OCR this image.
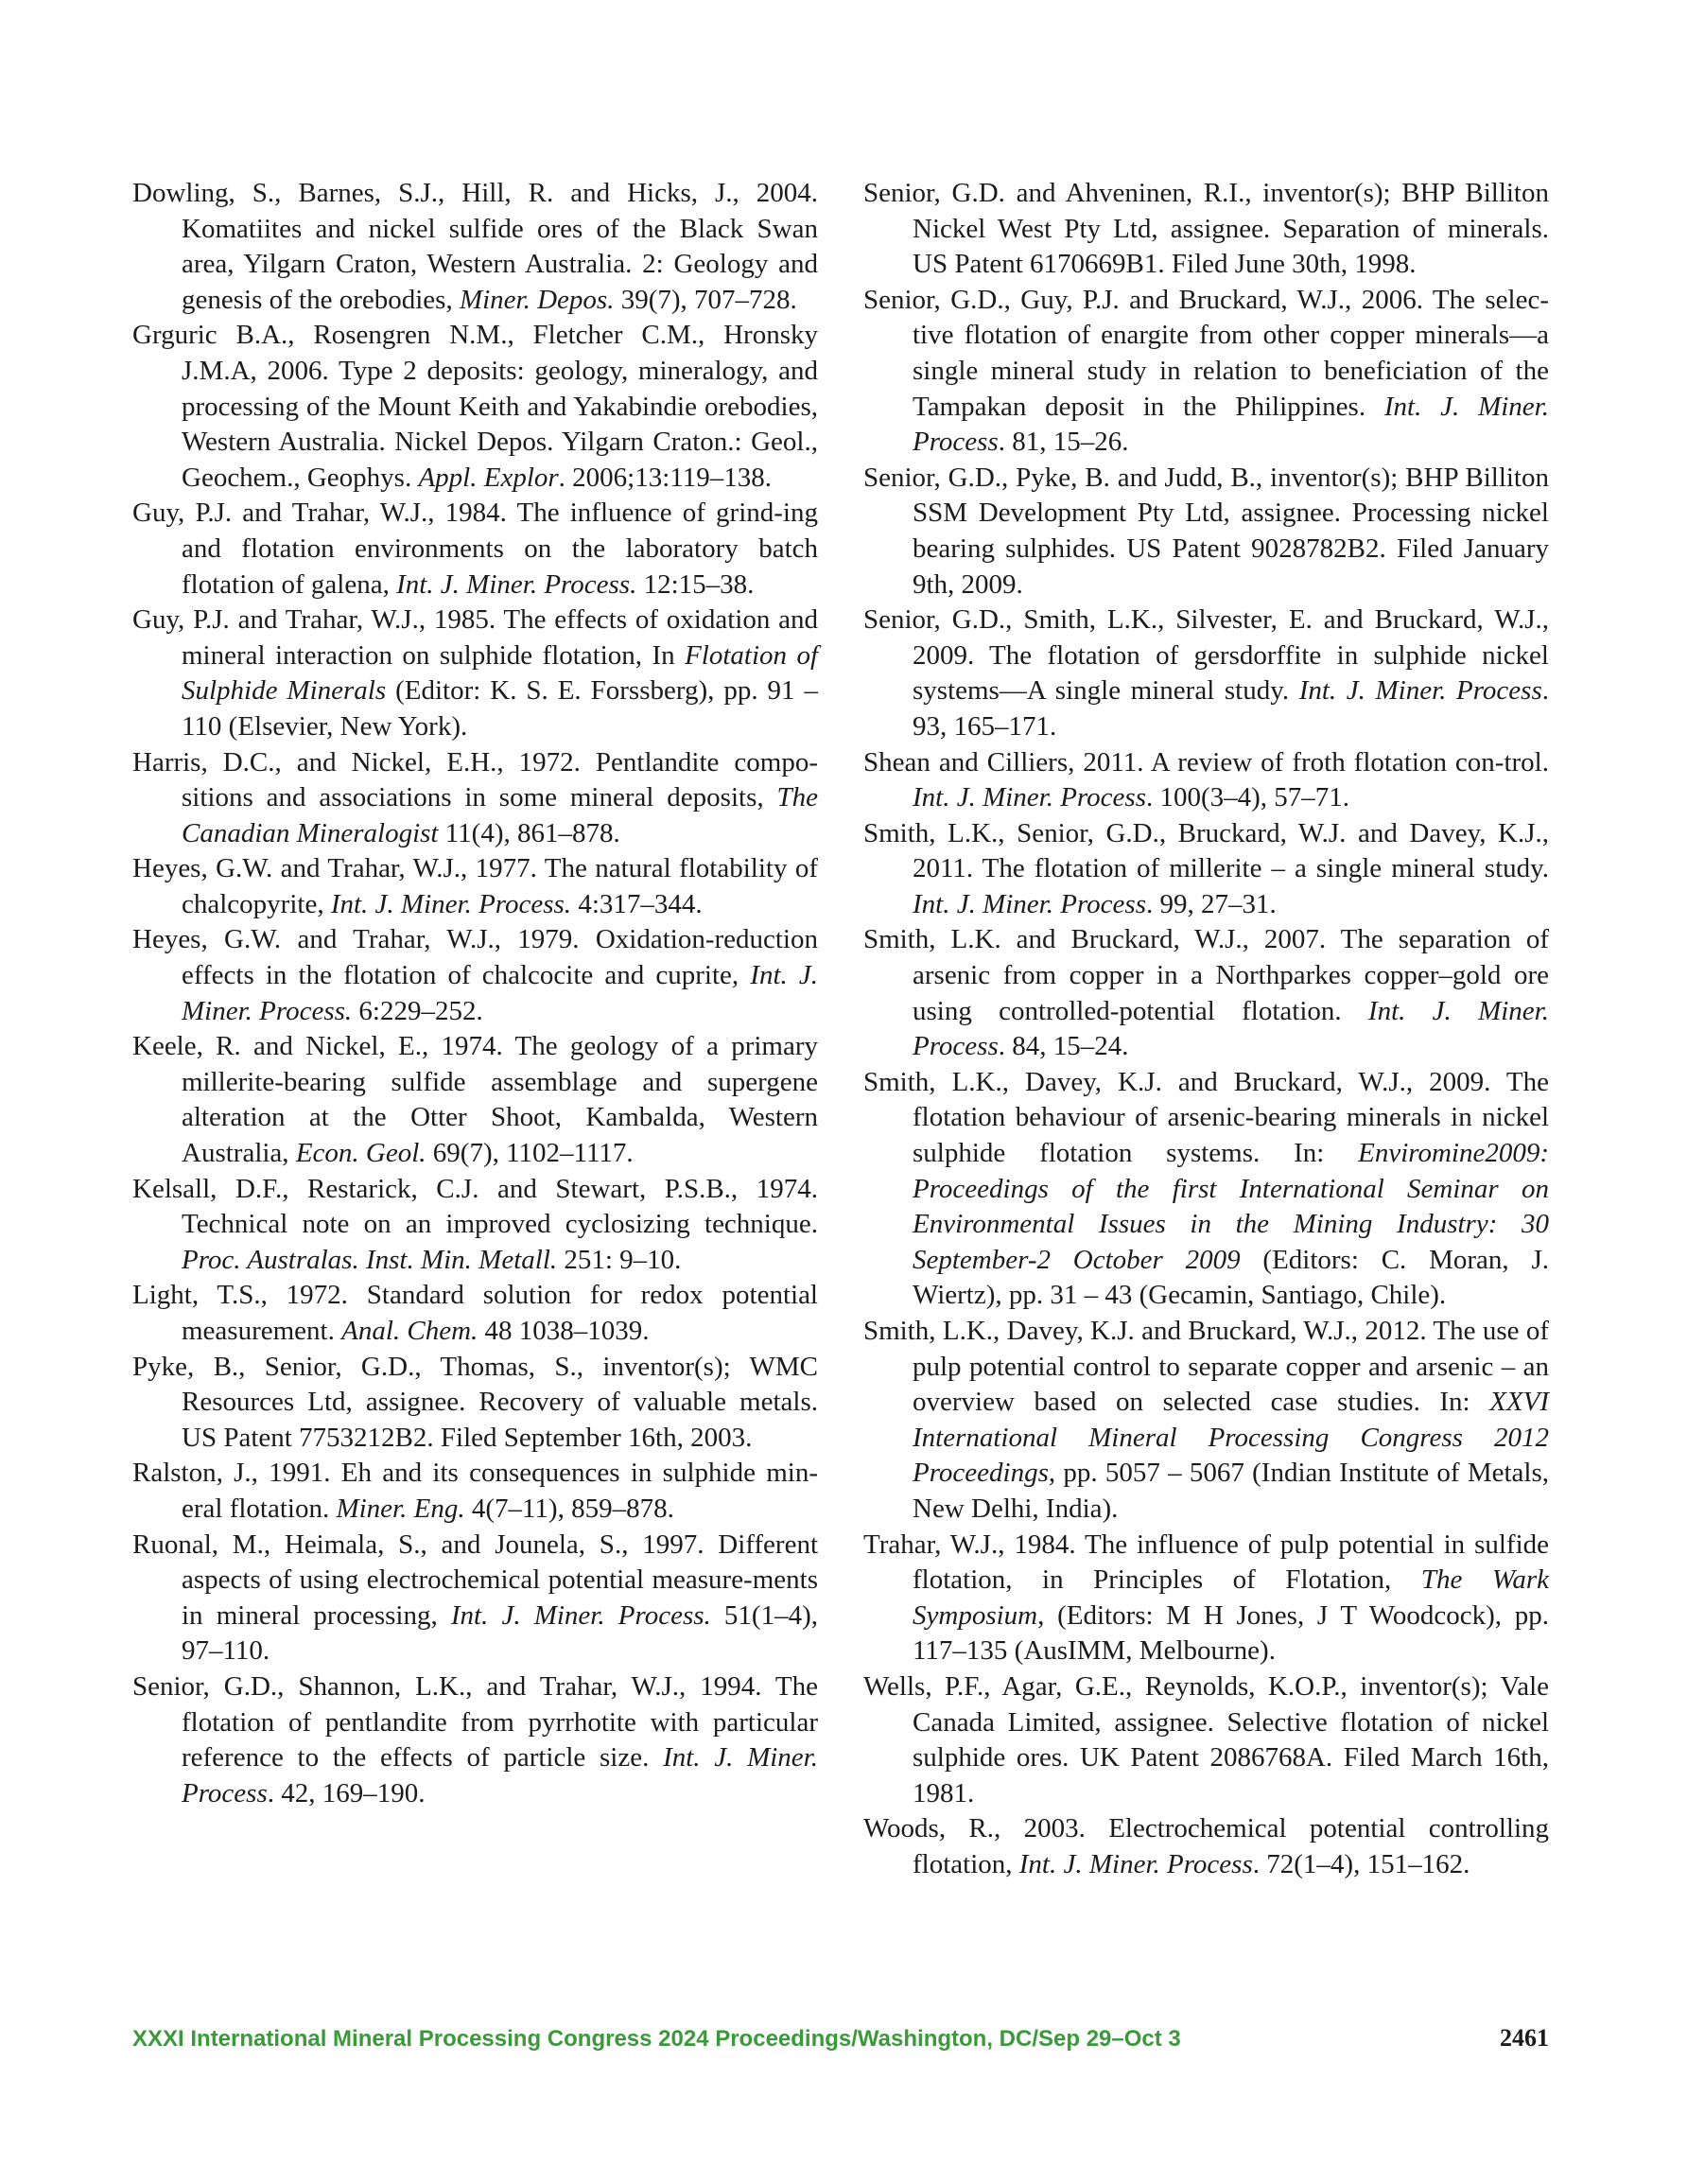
Dowling, S., Barnes, S.J., Hill, R. and Hicks, J., 2004. Komatiites and nickel sulfide ores of the Black Swan area, Yilgarn Craton, Western Australia. 2: Geology and genesis of the orebodies, Miner. Depos. 39(7), 707–728.

Grguric B.A., Rosengren N.M., Fletcher C.M., Hronsky J.M.A, 2006. Type 2 deposits: geology, mineralogy, and processing of the Mount Keith and Yakabindie orebodies, Western Australia. Nickel Depos. Yilgarn Craton.: Geol., Geochem., Geophys. Appl. Explor. 2006;13:119–138.

Guy, P.J. and Trahar, W.J., 1984. The influence of grind-ing and flotation environments on the laboratory batch flotation of galena, Int. J. Miner. Process. 12:15–38.

Guy, P.J. and Trahar, W.J., 1985. The effects of oxidation and mineral interaction on sulphide flotation, In Flotation of Sulphide Minerals (Editor: K. S. E. Forssberg), pp. 91 – 110 (Elsevier, New York).

Harris, D.C., and Nickel, E.H., 1972. Pentlandite compo-sitions and associations in some mineral deposits, The Canadian Mineralogist 11(4), 861–878.

Heyes, G.W. and Trahar, W.J., 1977. The natural flotability of chalcopyrite, Int. J. Miner. Process. 4:317–344.

Heyes, G.W. and Trahar, W.J., 1979. Oxidation-reduction effects in the flotation of chalcocite and cuprite, Int. J. Miner. Process. 6:229–252.

Keele, R. and Nickel, E., 1974. The geology of a primary millerite-bearing sulfide assemblage and supergene alteration at the Otter Shoot, Kambalda, Western Australia, Econ. Geol. 69(7), 1102–1117.

Kelsall, D.F., Restarick, C.J. and Stewart, P.S.B., 1974. Technical note on an improved cyclosizing technique. Proc. Australas. Inst. Min. Metall. 251: 9–10.

Light, T.S., 1972. Standard solution for redox potential measurement. Anal. Chem. 48 1038–1039.

Pyke, B., Senior, G.D., Thomas, S., inventor(s); WMC Resources Ltd, assignee. Recovery of valuable metals. US Patent 7753212B2. Filed September 16th, 2003.

Ralston, J., 1991. Eh and its consequences in sulphide min-eral flotation. Miner. Eng. 4(7–11), 859–878.

Ruonal, M., Heimala, S., and Jounela, S., 1997. Different aspects of using electrochemical potential measure-ments in mineral processing, Int. J. Miner. Process. 51(1–4), 97–110.

Senior, G.D., Shannon, L.K., and Trahar, W.J., 1994. The flotation of pentlandite from pyrrhotite with particular reference to the effects of particle size. Int. J. Miner. Process. 42, 169–190.

Senior, G.D. and Ahveninen, R.I., inventor(s); BHP Billiton Nickel West Pty Ltd, assignee. Separation of minerals. US Patent 6170669B1. Filed June 30th, 1998.

Senior, G.D., Guy, P.J. and Bruckard, W.J., 2006. The selec-tive flotation of enargite from other copper minerals—a single mineral study in relation to beneficiation of the Tampakan deposit in the Philippines. Int. J. Miner. Process. 81, 15–26.

Senior, G.D., Pyke, B. and Judd, B., inventor(s); BHP Billiton SSM Development Pty Ltd, assignee. Processing nickel bearing sulphides. US Patent 9028782B2. Filed January 9th, 2009.

Senior, G.D., Smith, L.K., Silvester, E. and Bruckard, W.J., 2009. The flotation of gersdorffite in sulphide nickel systems—A single mineral study. Int. J. Miner. Process. 93, 165–171.

Shean and Cilliers, 2011. A review of froth flotation con-trol. Int. J. Miner. Process. 100(3–4), 57–71.

Smith, L.K., Senior, G.D., Bruckard, W.J. and Davey, K.J., 2011. The flotation of millerite – a single mineral study. Int. J. Miner. Process. 99, 27–31.

Smith, L.K. and Bruckard, W.J., 2007. The separation of arsenic from copper in a Northparkes copper–gold ore using controlled-potential flotation. Int. J. Miner. Process. 84, 15–24.

Smith, L.K., Davey, K.J. and Bruckard, W.J., 2009. The flotation behaviour of arsenic-bearing minerals in nickel sulphide flotation systems. In: Enviromine2009: Proceedings of the first International Seminar on Environmental Issues in the Mining Industry: 30 September-2 October 2009 (Editors: C. Moran, J. Wiertz), pp. 31 – 43 (Gecamin, Santiago, Chile).

Smith, L.K., Davey, K.J. and Bruckard, W.J., 2012. The use of pulp potential control to separate copper and arsenic – an overview based on selected case studies. In: XXVI International Mineral Processing Congress 2012 Proceedings, pp. 5057 – 5067 (Indian Institute of Metals, New Delhi, India).

Trahar, W.J., 1984. The influence of pulp potential in sulfide flotation, in Principles of Flotation, The Wark Symposium, (Editors: M H Jones, J T Woodcock), pp. 117–135 (AusIMM, Melbourne).

Wells, P.F., Agar, G.E., Reynolds, K.O.P., inventor(s); Vale Canada Limited, assignee. Selective flotation of nickel sulphide ores. UK Patent 2086768A. Filed March 16th, 1981.

Woods, R., 2003. Electrochemical potential controlling flotation, Int. J. Miner. Process. 72(1–4), 151–162.

XXXI International Mineral Processing Congress 2024 Proceedings/Washington, DC/Sep 29–Oct 3	2461
